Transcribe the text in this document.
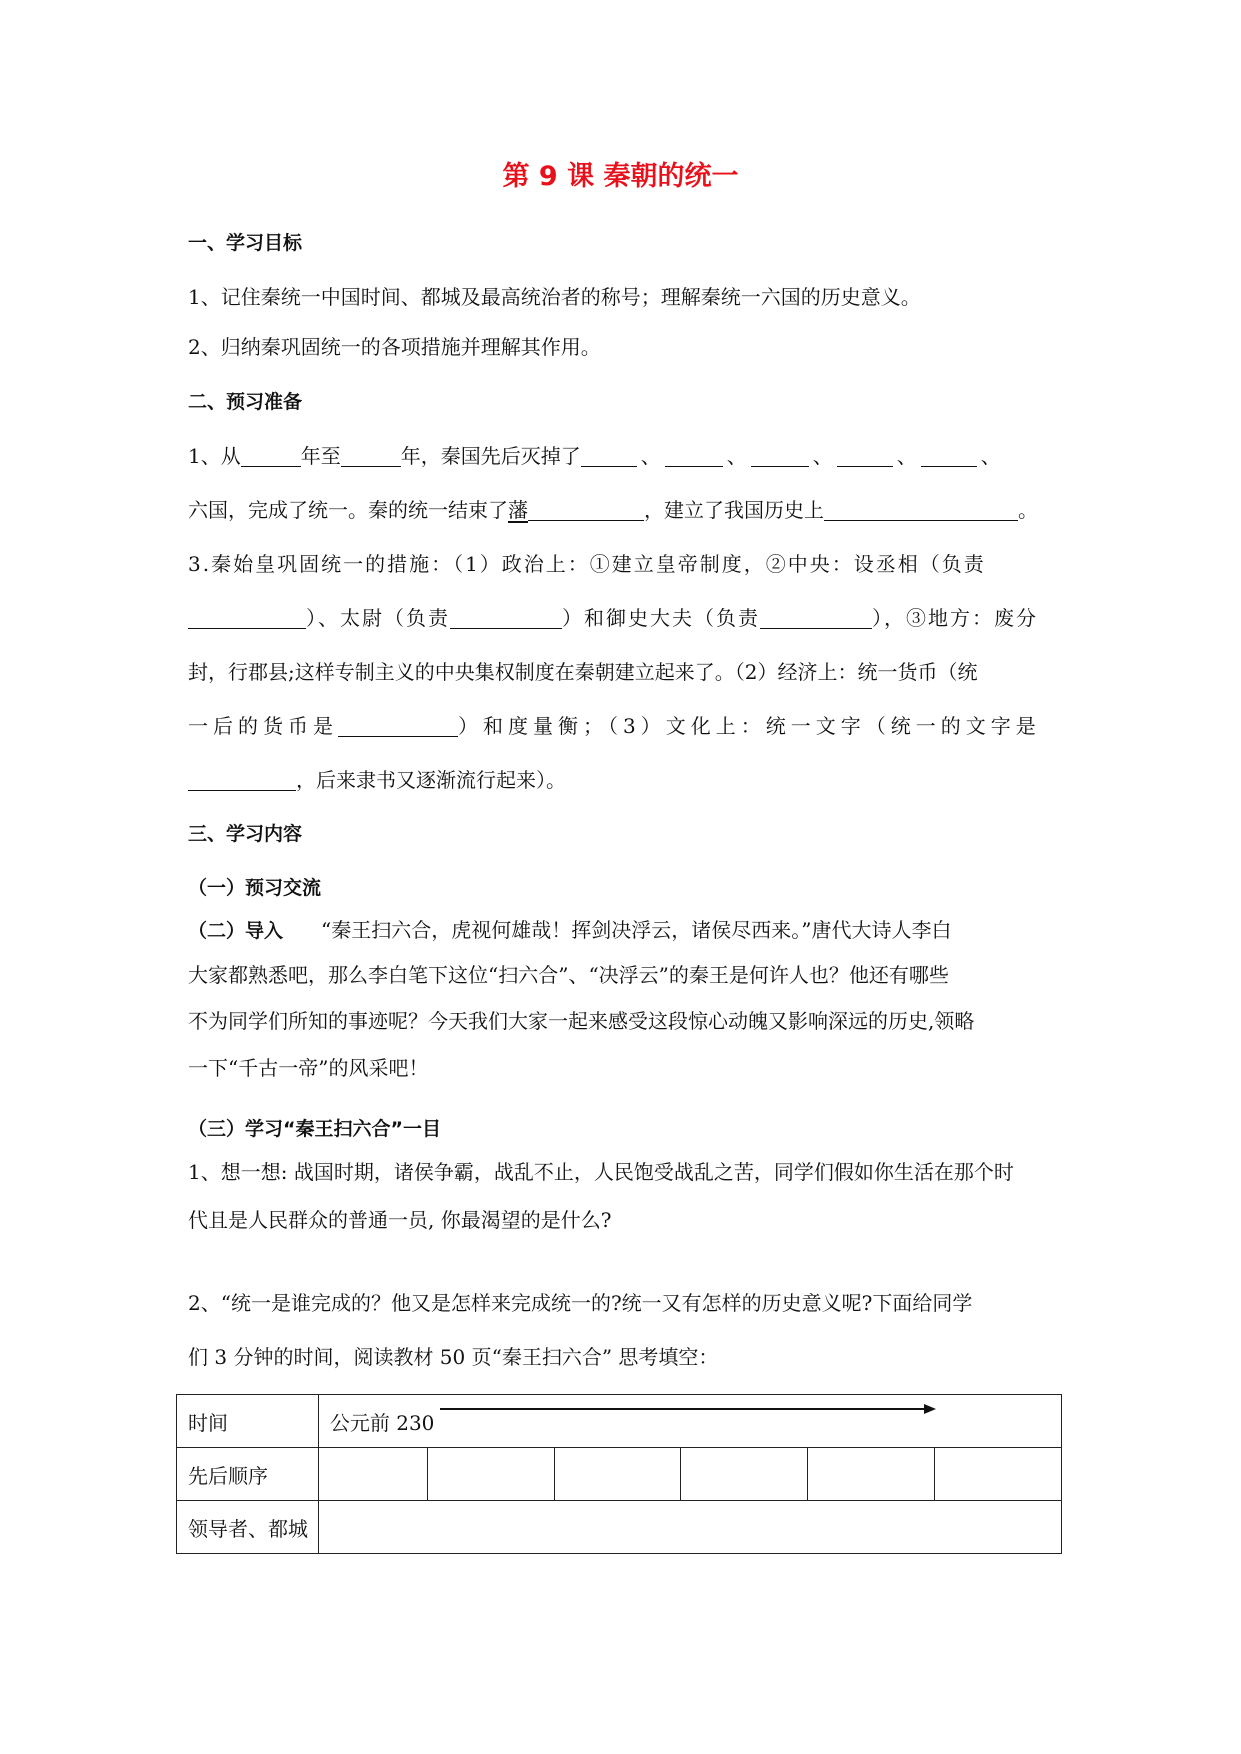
第 9 课 秦朝的统一
一、学习目标
1、记住秦统一中国时间、都城及最高统治者的称号；理解秦统一六国的历史意义。
2、归纳秦巩固统一的各项措施并理解其作用。
二、预习准备
1、从	年至	年，秦国先后灭掉了	、	、	、	、	、
六国，完成了统一。秦的统一结束了藩	，建立了我国历史上	。
3.秦始皇巩固统一的措施：（1）政治上：①建立皇帝制度，②中央：设丞相（负责
）、太尉（负责	）和御史大夫（负责	），③地方：废分
封，行郡县;这样专制主义的中央集权制度在秦朝建立起来了。（2）经济上：统一货币（统
一后的货币是	）和度量衡；（3）文化上：统一文字（统一的文字是
，后来隶书又逐渐流行起来）。
三、学习内容
（一）预习交流
（二）导入 “秦王扫六合，虎视何雄哉！挥剑决浮云，诸侯尽西来。”唐代大诗人李白
大家都熟悉吧，那么李白笔下这位“扫六合”、“决浮云”的秦王是何许人也？他还有哪些
不为同学们所知的事迹呢？今天我们大家一起来感受这段惊心动魄又影响深远的历史,领略
一下“千古一帝”的风采吧！
（三）学习“秦王扫六合”一目
1、想一想: 战国时期，诸侯争霸，战乱不止，人民饱受战乱之苦，同学们假如你生活在那个时
代且是人民群众的普通一员, 你最渴望的是什么?
2、“统一是谁完成的？他又是怎样来完成统一的?统一又有怎样的历史意义呢?下面给同学
们 3 分钟的时间，阅读教材 50 页“秦王扫六合” 思考填空：
时间	公元前 230					

先后顺序						
领导者、都城						
